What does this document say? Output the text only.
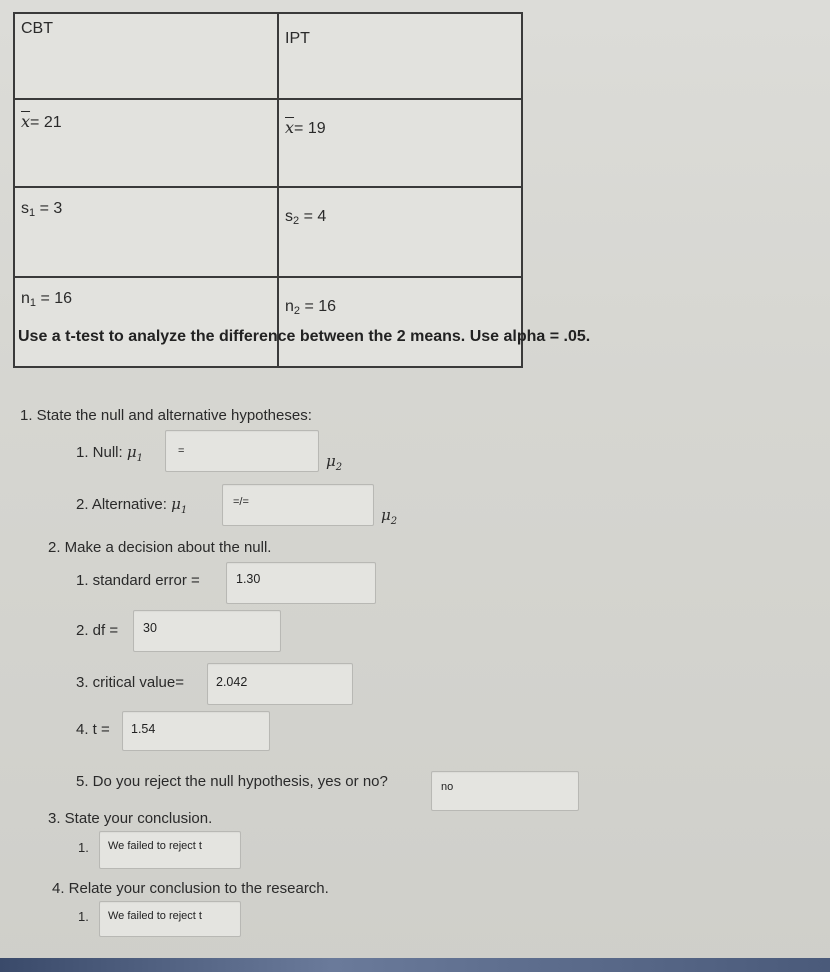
CBT	IPT
$\overline{x}= 21$	$\overline{x}= 19$
$s_1 = 3$	$s_2 = 4$
$n_1 = 16$	$n_2 = 16$
Use a t-test to analyze the difference between the 2 means. Use alpha = .05.
1. State the null and alternative hypotheses:
1. Null: $\mu_1$
=
$\mu_2$
2. Alternative: $\mu_1$
=/=
$\mu_2$
2. Make a decision about the null.
1. standard error =	1.30
2. df = 30
3. critical value=	2.042
4. t = 1.54
5. Do you reject the null hypothesis, yes or no?	no
3. State your conclusion.
1. We failed to reject t
4. Relate your conclusion to the research.
1. We failed to reject t
